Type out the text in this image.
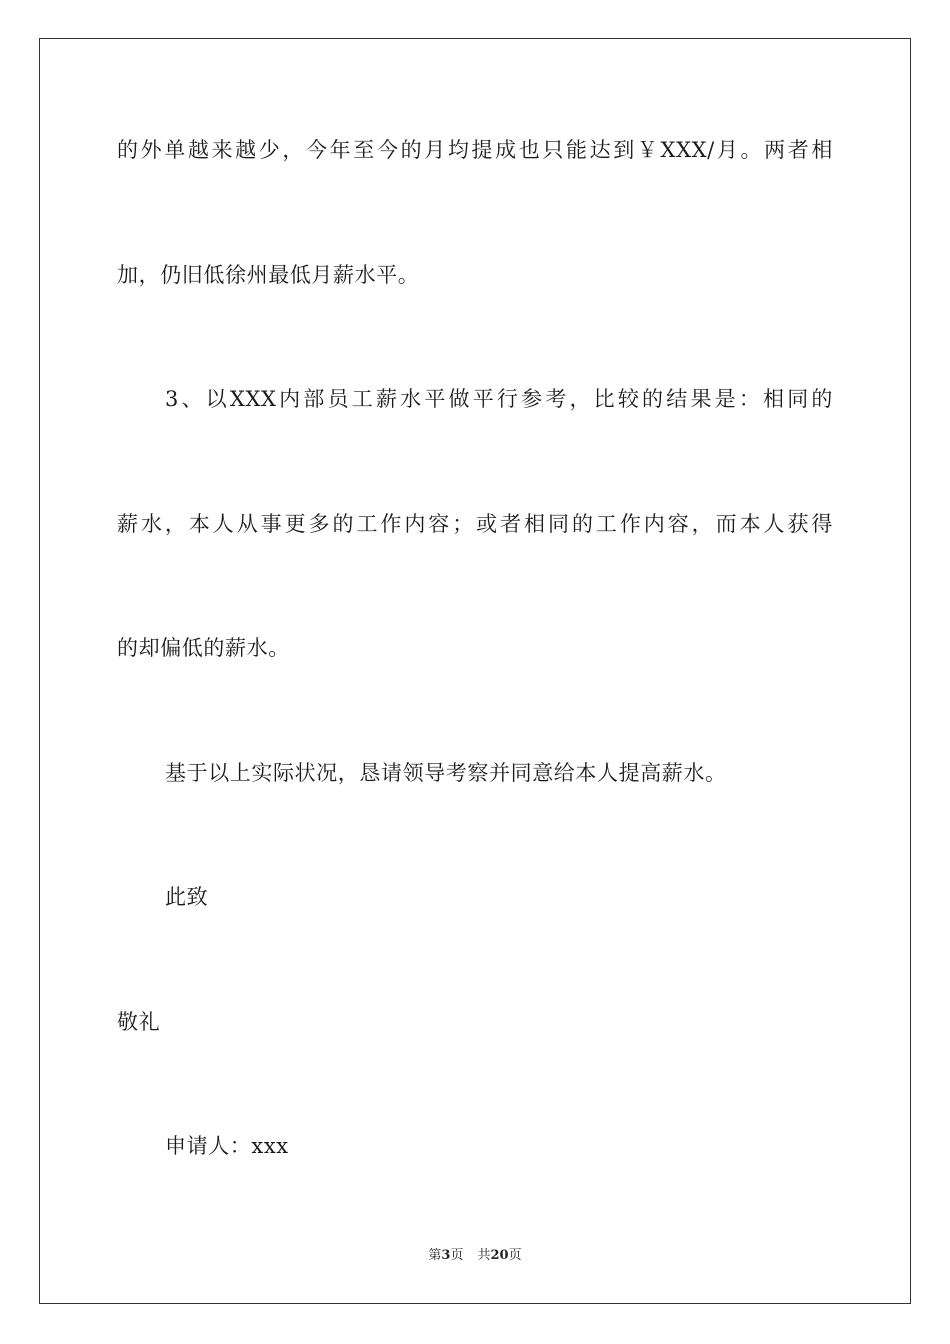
的外单越来越少，今年至今的月均提成也只能达到￥XXX/月。两者相
加，仍旧低徐州最低月薪水平。
3、以XXX内部员工薪水平做平行参考，比较的结果是：相同的
薪水，本人从事更多的工作内容；或者相同的工作内容，而本人获得
的却偏低的薪水。
基于以上实际状况，恳请领导考察并同意给本人提高薪水。
此致
敬礼
申请人：xxx
第3页 共20页
